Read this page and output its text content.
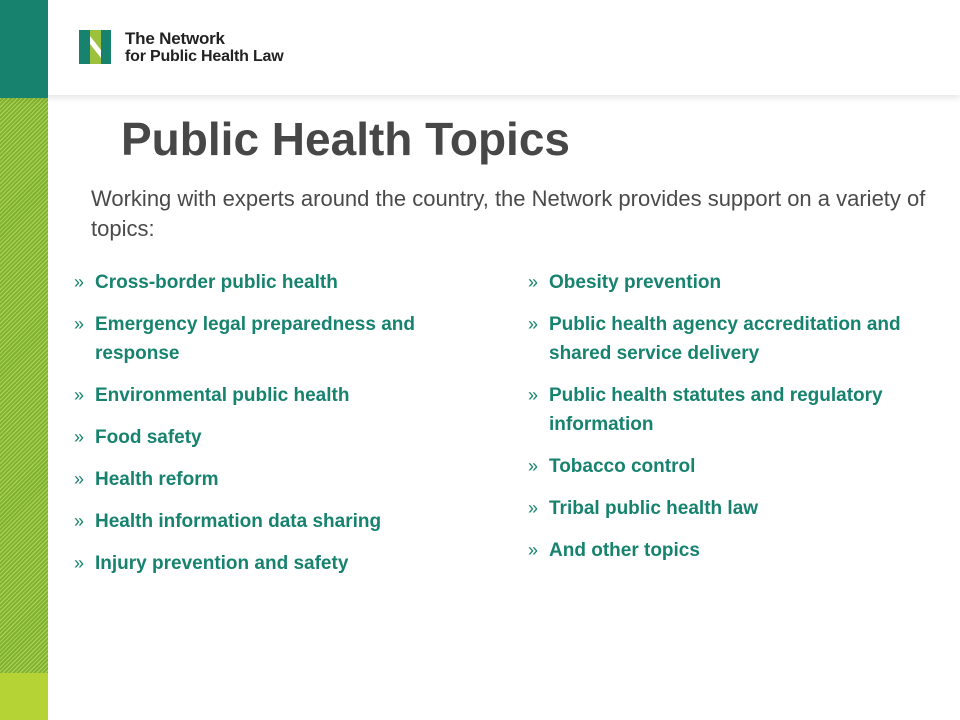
The Network
for Public Health Law
Public Health Topics

Working with experts around the country, the Network provides support on a variety of topics:

» Cross-border public health
» Emergency legal preparedness and response
» Environmental public health
» Food safety
» Health reform
» Health information data sharing
» Injury prevention and safety
» Obesity prevention
» Public health agency accreditation and shared service delivery
» Public health statutes and regulatory information
» Tobacco control
» Tribal public health law
» And other topics
